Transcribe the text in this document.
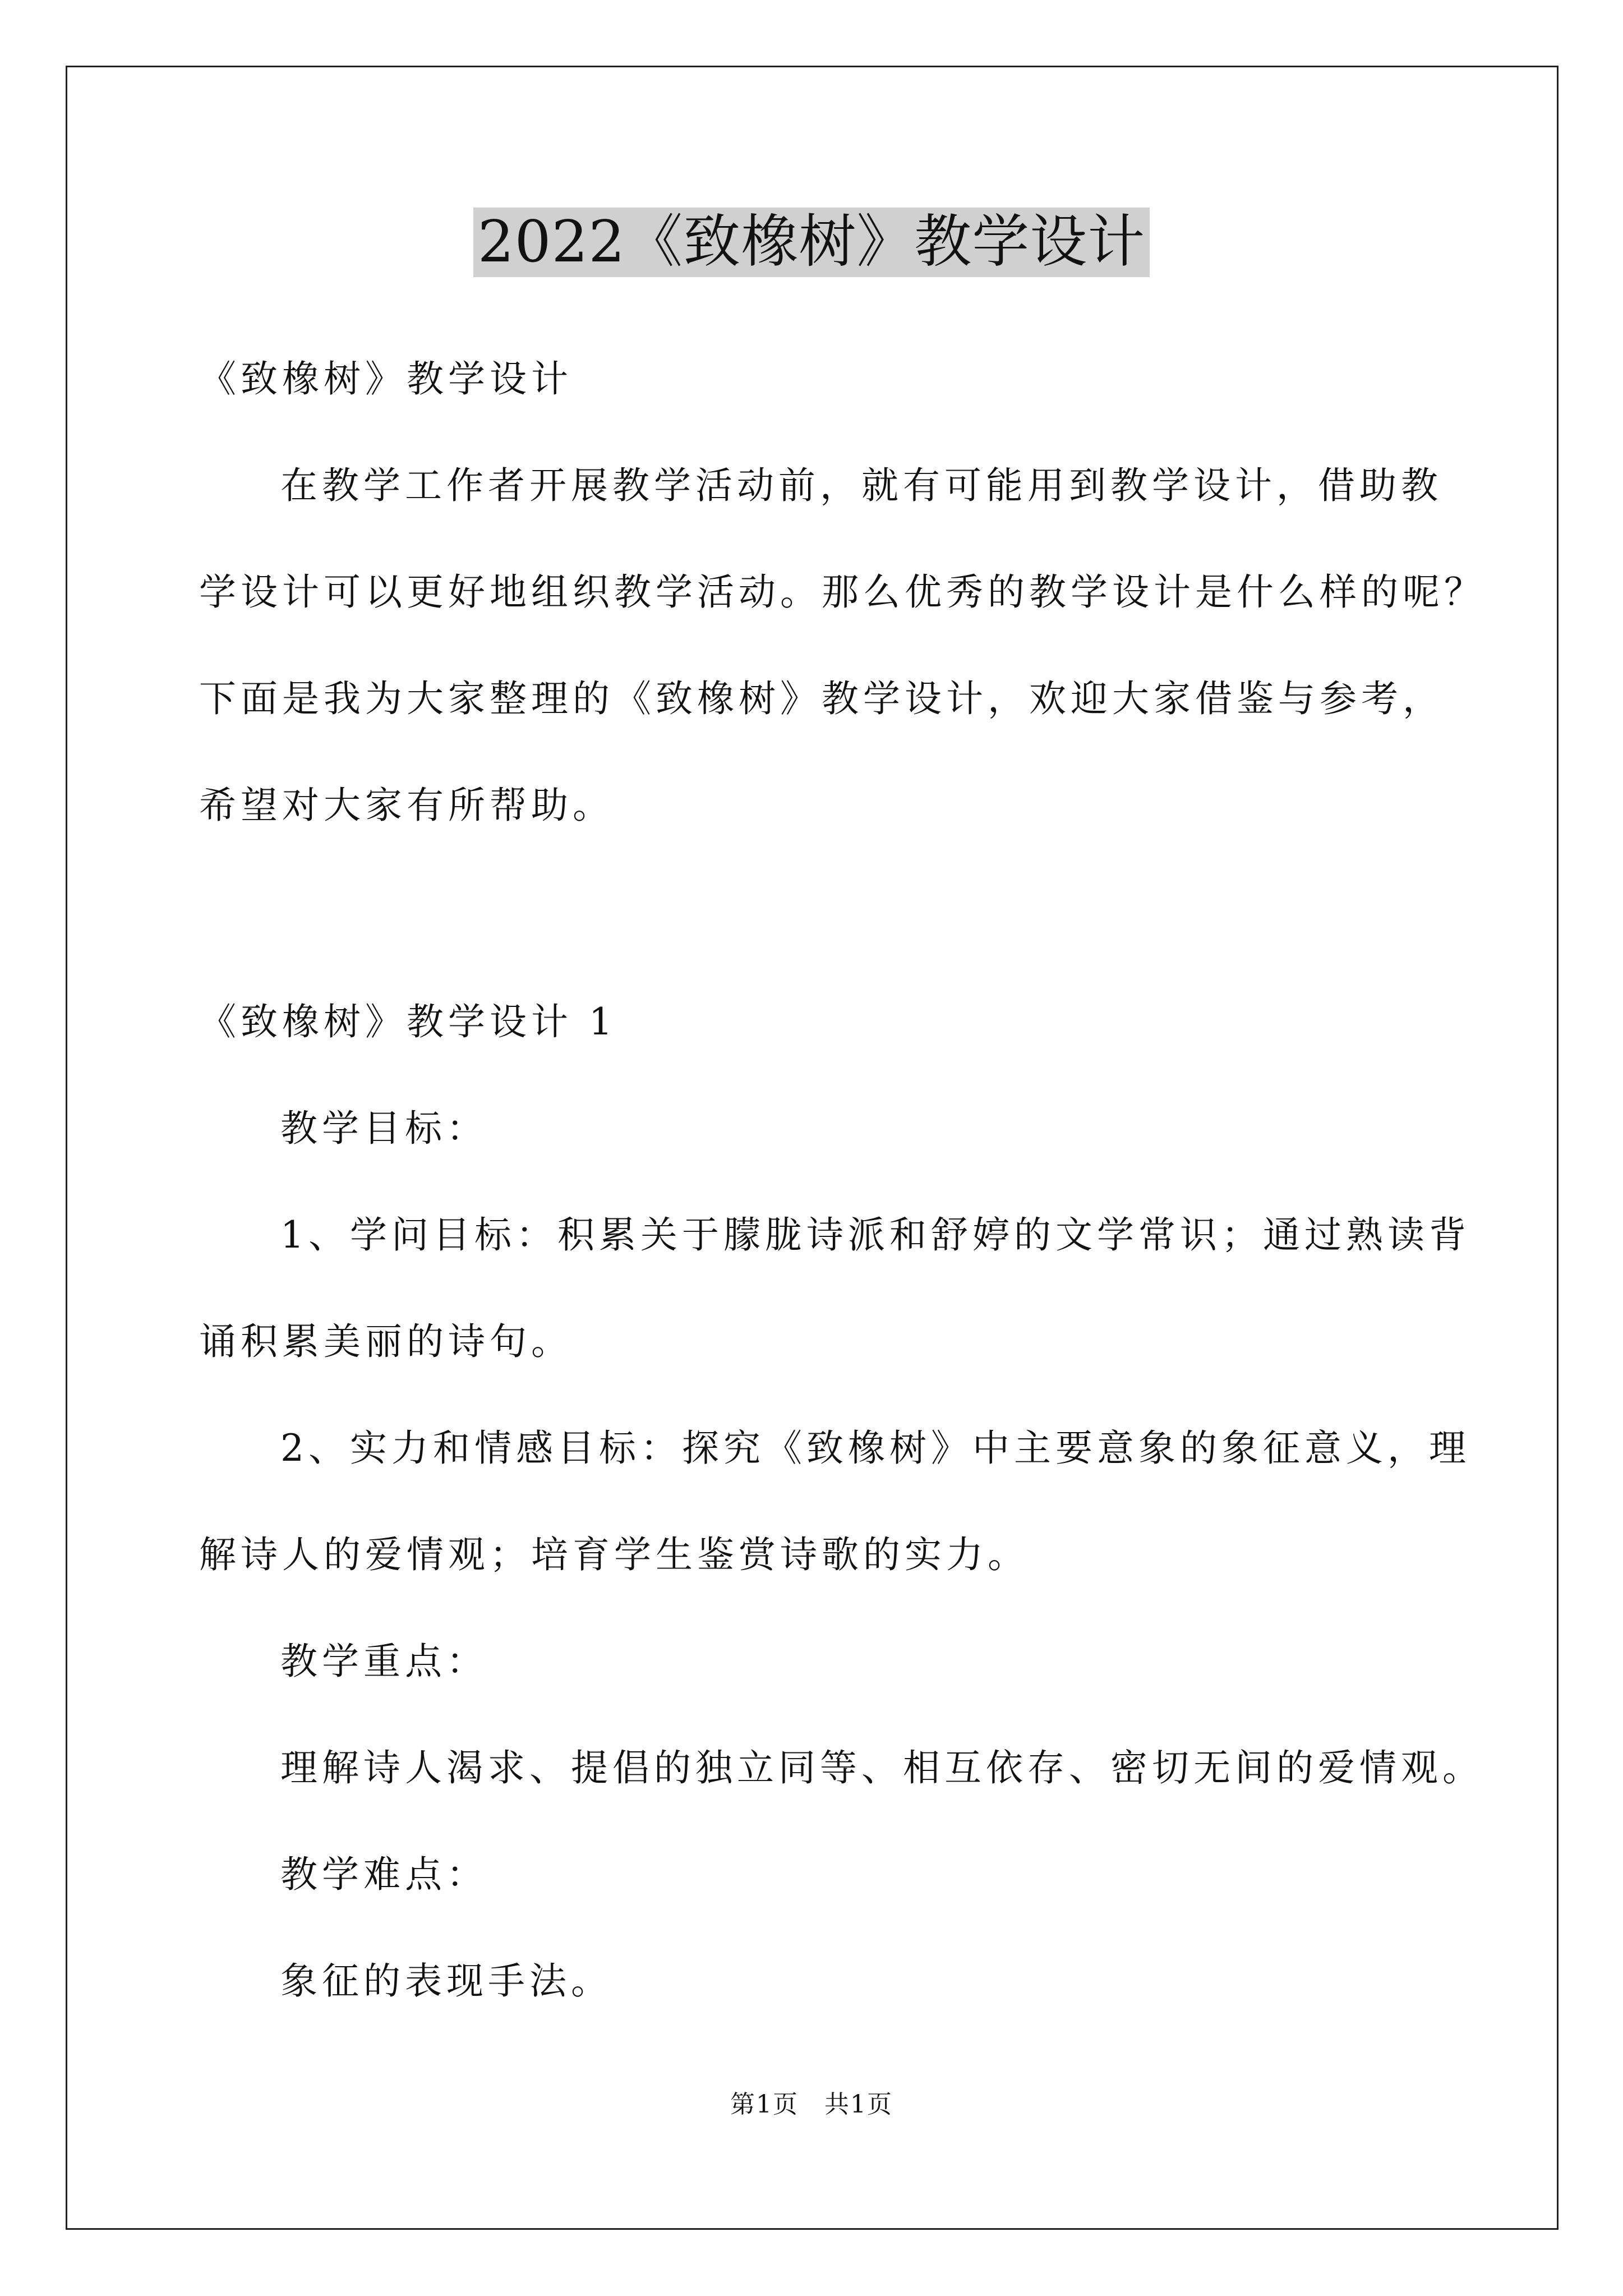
2022《致橡树》教学设计
《致橡树》教学设计
在教学工作者开展教学活动前，就有可能用到教学设计，借助教
学设计可以更好地组织教学活动。那么优秀的教学设计是什么样的呢？
下面是我为大家整理的《致橡树》教学设计，欢迎大家借鉴与参考，
希望对大家有所帮助。
《致橡树》教学设计 1
教学目标：
1、学问目标：积累关于朦胧诗派和舒婷的文学常识；通过熟读背
诵积累美丽的诗句。
2、实力和情感目标：探究《致橡树》中主要意象的象征意义，理
解诗人的爱情观；培育学生鉴赏诗歌的实力。
教学重点：
理解诗人渴求、提倡的独立同等、相互依存、密切无间的爱情观。
教学难点：
象征的表现手法。
第1页　共1页
